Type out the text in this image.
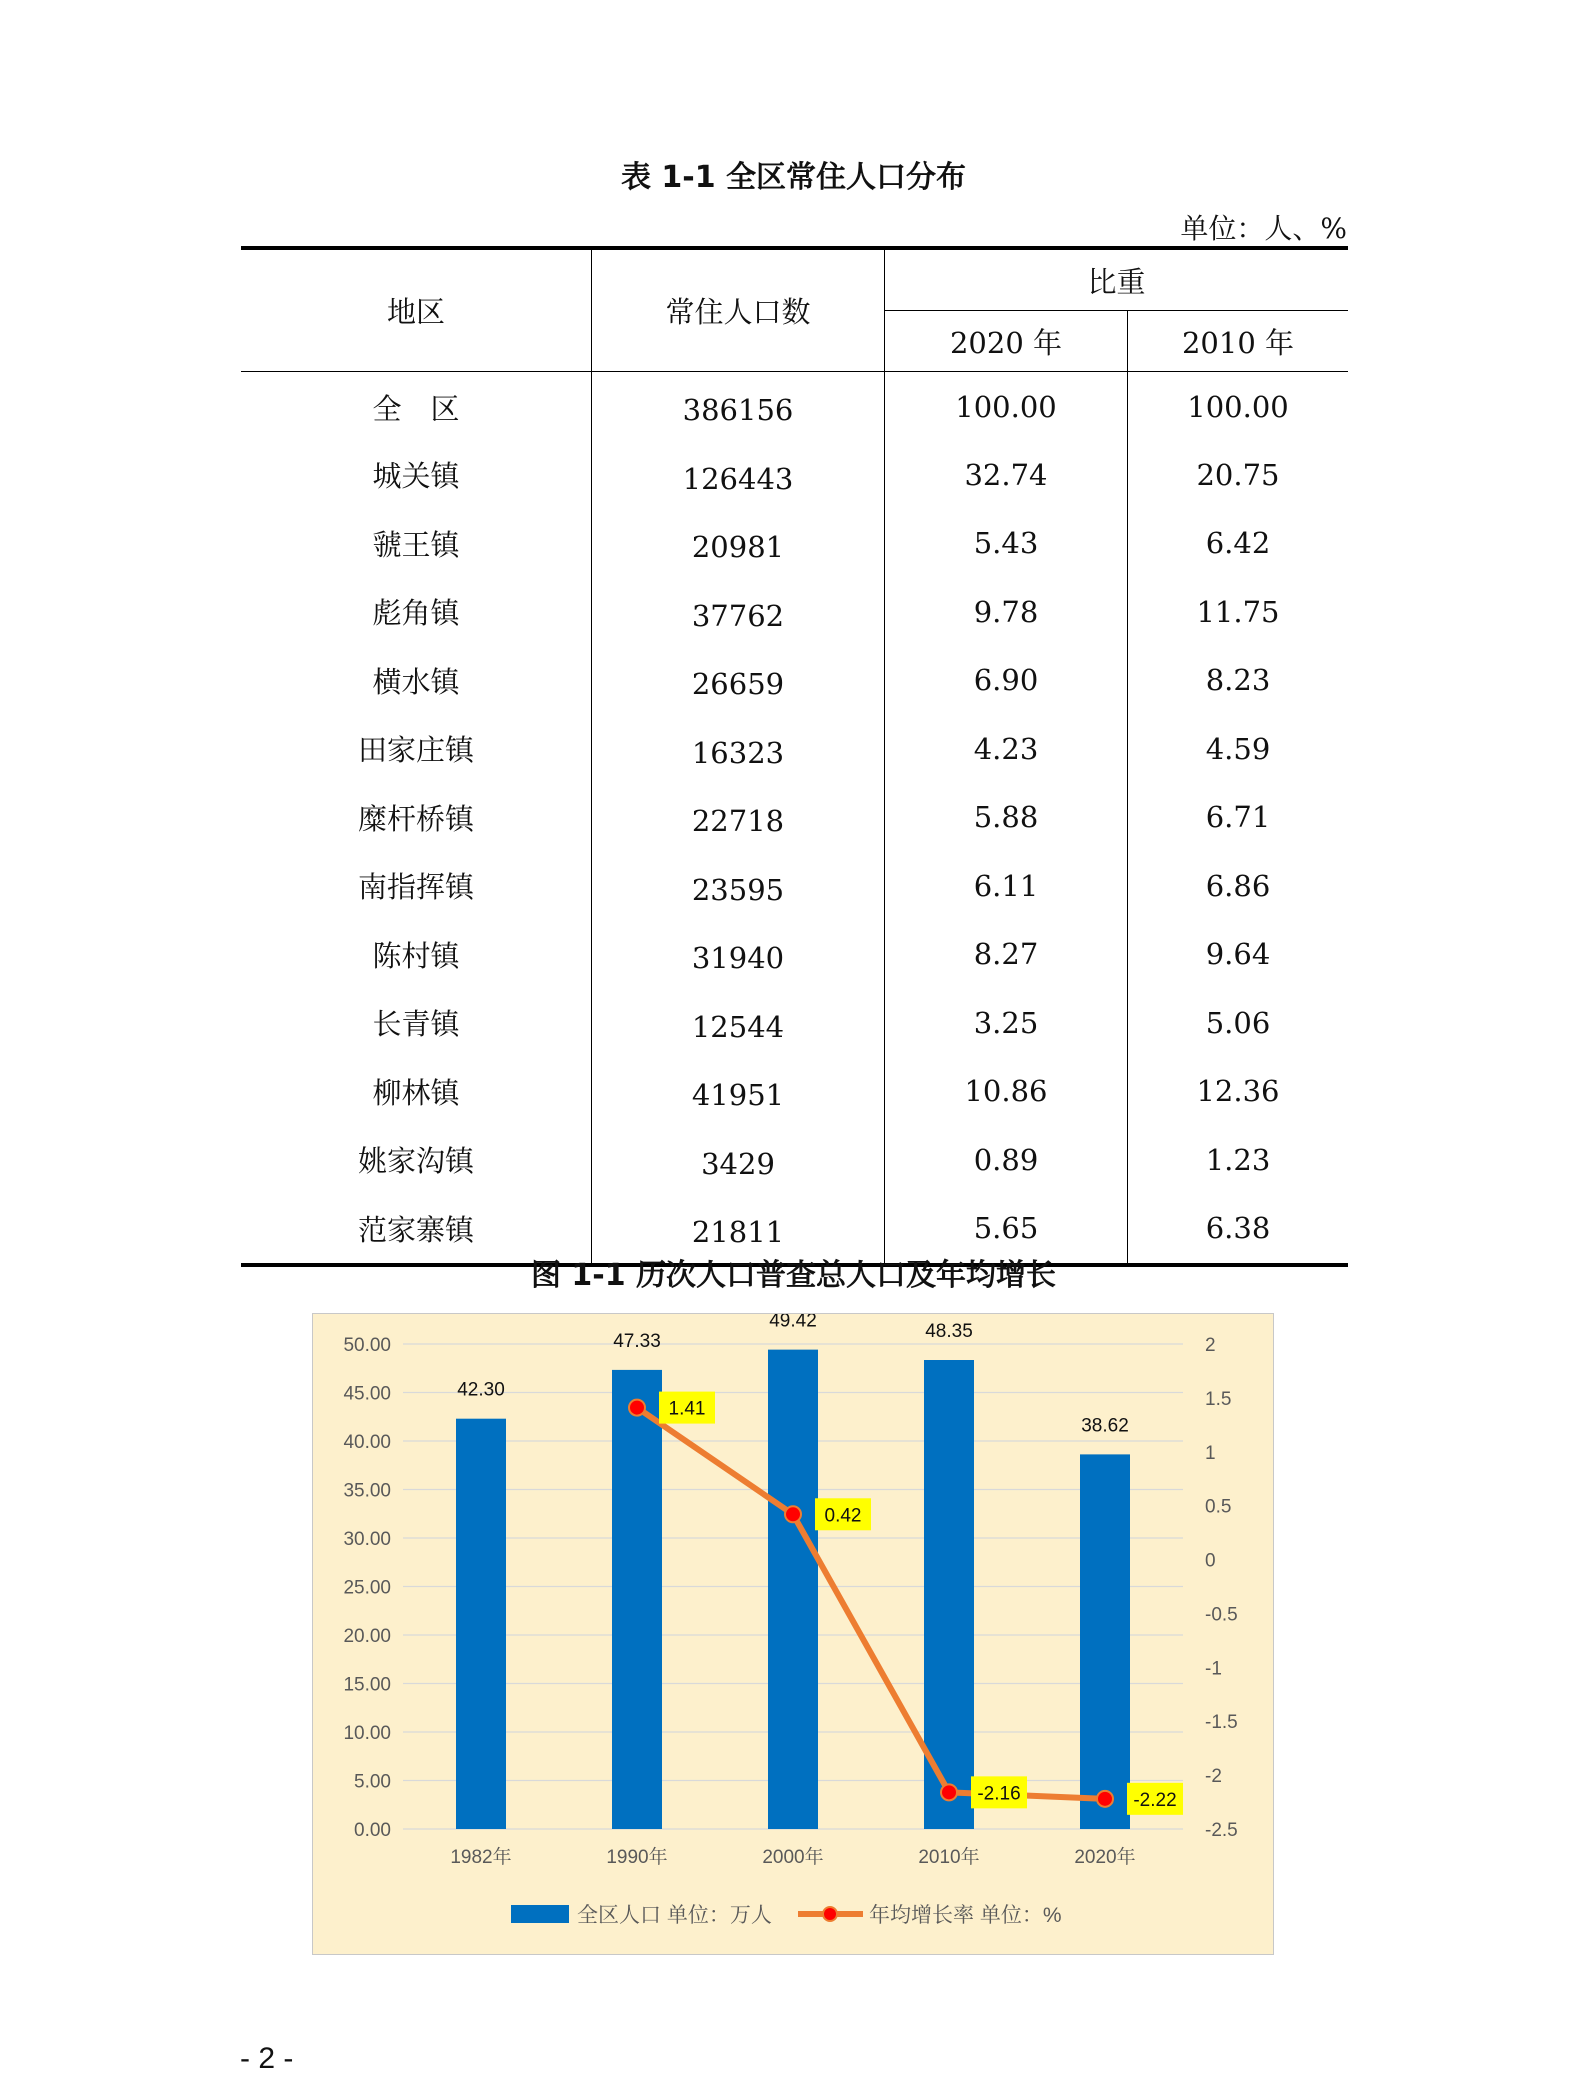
表 1-1 全区常住人口分布
单位：人、%
地区	常住人口数	比重	
		2020 年	2010 年
全　区	386156	100.00	100.00
城关镇	126443	32.74	20.75
虢王镇	20981	5.43	6.42
彪角镇	37762	9.78	11.75
横水镇	26659	6.90	8.23
田家庄镇	16323	4.23	4.59
糜杆桥镇	22718	5.88	6.71
南指挥镇	23595	6.11	6.86
陈村镇	31940	8.27	9.64
长青镇	12544	3.25	5.06
柳林镇	41951	10.86	12.36
姚家沟镇	3429	0.89	1.23
范家寨镇	21811	5.65	6.38
图 1-1 历次人口普查总人口及年均增长
0.00
5.00
10.00
15.00
20.00
25.00
30.00
35.00
40.00
45.00
50.00
-2.5
-2
-1.5
-1
-0.5
0
0.5
1
1.5
2
42.30
47.33
49.42	48.35
38.62
1982年	1990年	2000年	2010年	2020年
1.41
0.42
-2.16	-2.22
全区人口 单位：万人	年均增长率 单位：%
- 2 -
